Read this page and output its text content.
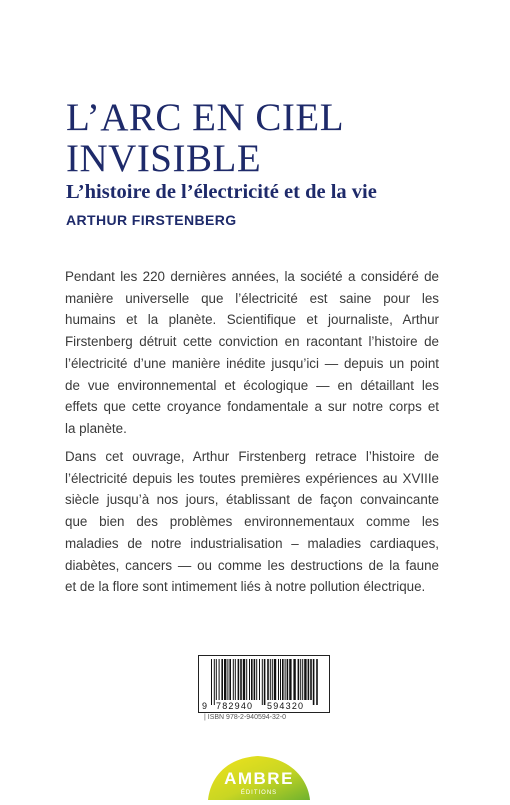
L’ARC EN CIEL
INVISIBLE
L’histoire de l’électricité et de la vie
ARTHUR FIRSTENBERG
Pendant les 220 dernières années, la société a considéré de
manière universelle que l’électricité est saine pour les
humains et la planète. Scientifique et journaliste, Arthur
Firstenberg détruit cette conviction en racontant l’histoire de
l’électricité d’une manière inédite jusqu’ici — depuis un point
de vue environnemental et écologique — en détaillant les
effets que cette croyance fondamentale a sur notre corps et
la planète.
Dans cet ouvrage, Arthur Firstenberg retrace l’histoire de
l’électricité depuis les toutes premières expériences au XVIIIe
siècle jusqu’à nos jours, établissant de façon convaincante
que bien des problèmes environnementaux comme les
maladies de notre industrialisation – maladies cardiaques,
diabètes, cancers — ou comme les destructions de la faune
et de la flore sont intimement liés à notre pollution électrique.
9 782940 594320
| ISBN 978-2-940594-32-0
AMBRE
ÉDITIONS
